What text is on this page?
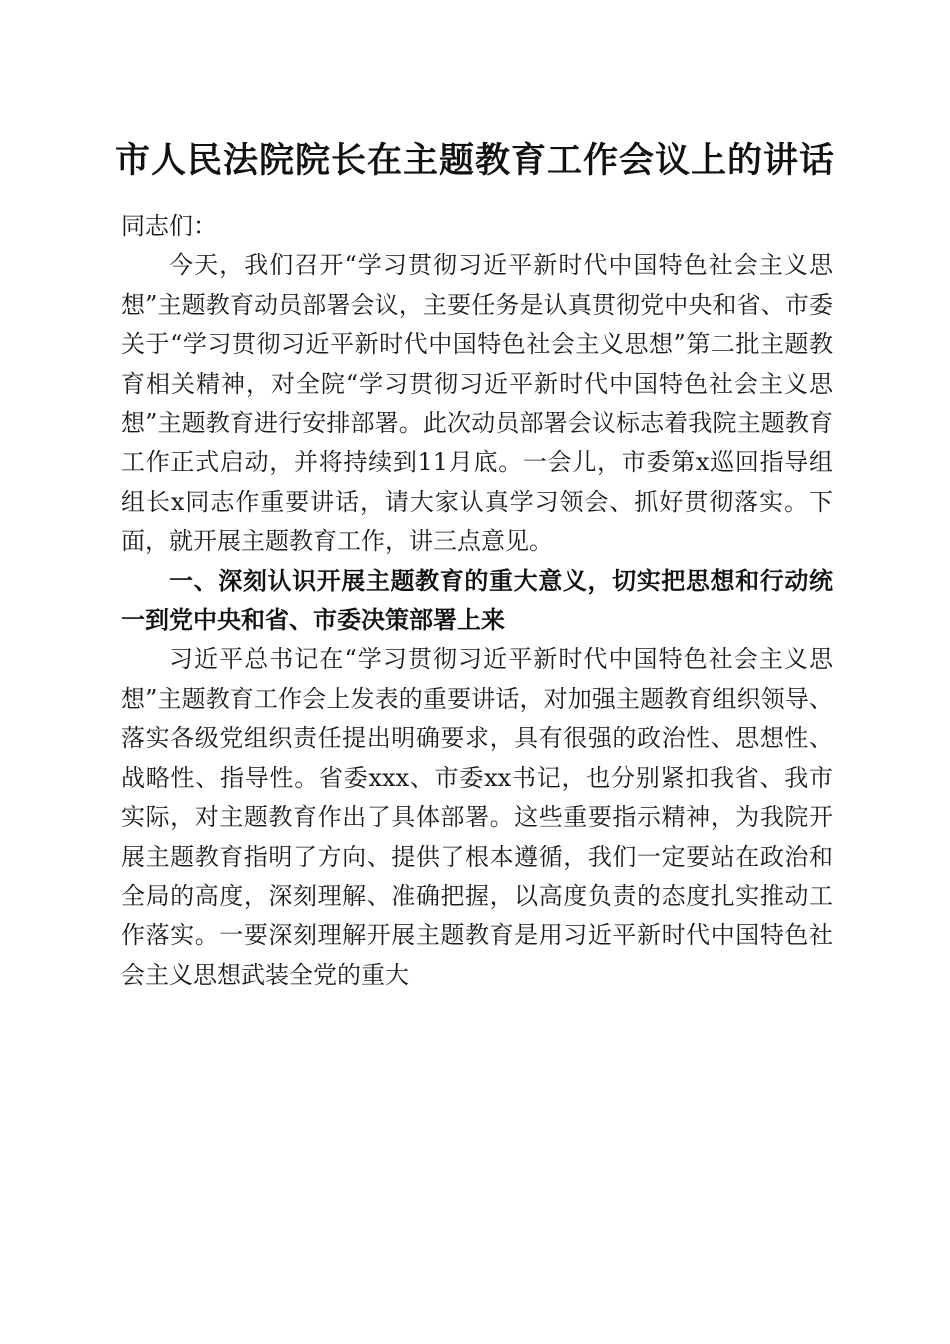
市人民法院院长在主题教育工作会议上的讲话

同志们：

今天，我们召开“学习贯彻习近平新时代中国特色社会主义思想”主题教育动员部署会议，主要任务是认真贯彻党中央和省、市委关于“学习贯彻习近平新时代中国特色社会主义思想”第二批主题教育相关精神，对全院“学习贯彻习近平新时代中国特色社会主义思想”主题教育进行安排部署。此次动员部署会议标志着我院主题教育工作正式启动，并将持续到11月底。一会儿，市委第x巡回指导组组长x同志作重要讲话，请大家认真学习领会、抓好贯彻落实。下面，就开展主题教育工作，讲三点意见。

一、深刻认识开展主题教育的重大意义，切实把思想和行动统一到党中央和省、市委决策部署上来

习近平总书记在“学习贯彻习近平新时代中国特色社会主义思想”主题教育工作会上发表的重要讲话，对加强主题教育组织领导、落实各级党组织责任提出明确要求，具有很强的政治性、思想性、战略性、指导性。省委xxx、市委xx书记，也分别紧扣我省、我市实际，对主题教育作出了具体部署。这些重要指示精神，为我院开展主题教育指明了方向、提供了根本遵循，我们一定要站在政治和全局的高度，深刻理解、准确把握，以高度负责的态度扎实推动工作落实。一要深刻理解开展主题教育是用习近平新时代中国特色社会主义思想武装全党的重大
